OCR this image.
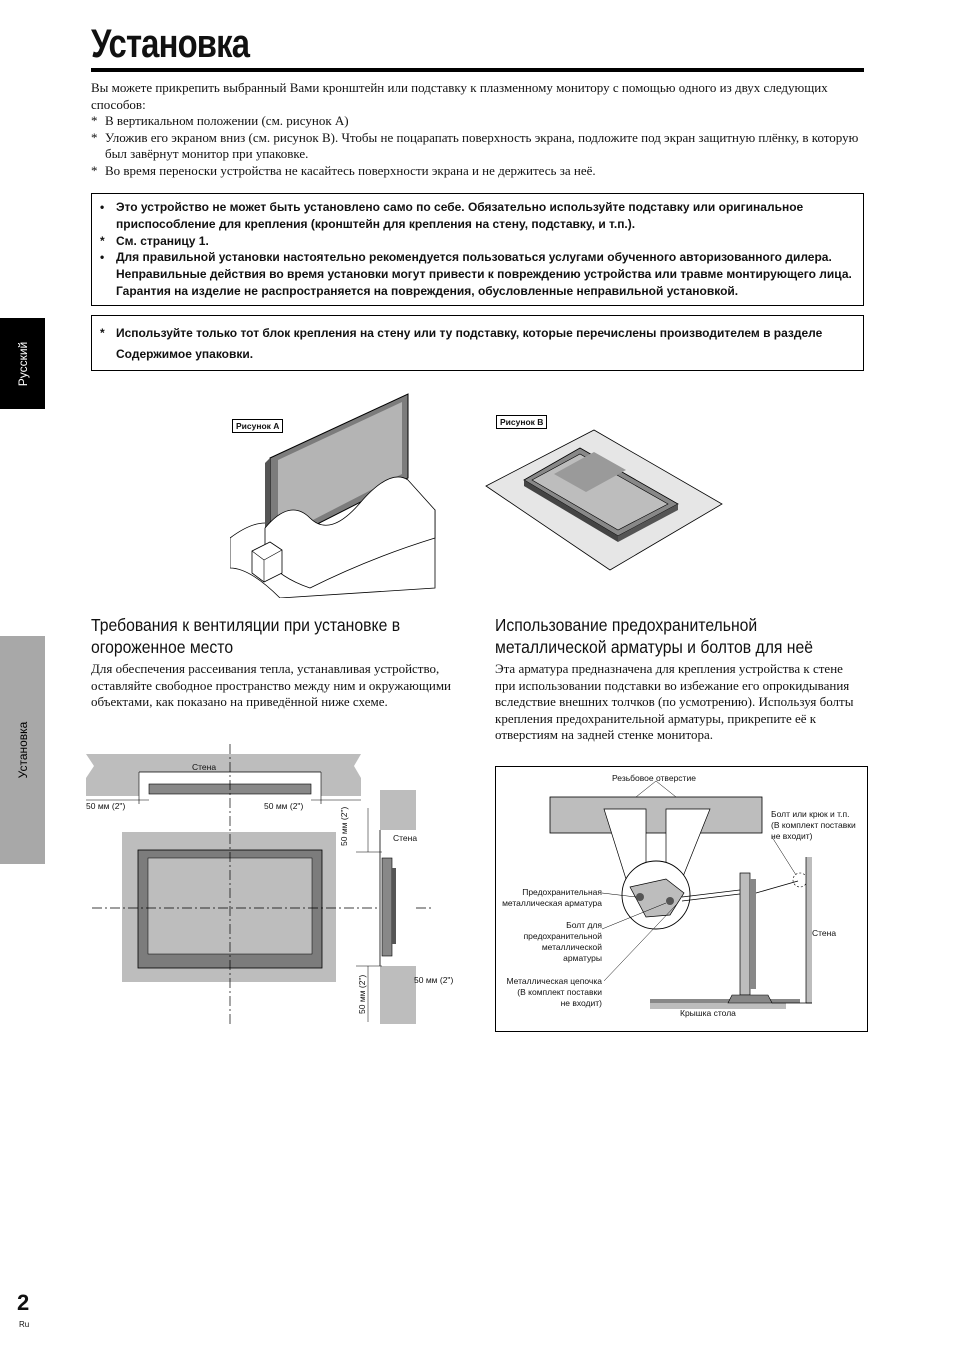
Установка
Вы можете прикрепить выбранный Вами кронштейн или подставку к плазменному монитору с помощью одного из двух следующих способов:
* В вертикальном положении (см. рисунок A)
* Уложив его экраном вниз (см. рисунок B). Чтобы не поцарапать поверхность экрана, подложите под экран защитную плёнку, в которую был завёрнут монитор при упаковке.
* Во время переноски устройства не касайтесь поверхности экрана и не держитесь за неё.
• Это устройство не может быть установлено само по себе. Обязательно используйте подставку или оригинальное приспособление для крепления (кронштейн для крепления на стену, подставку, и т.п.).
* См. страницу 1.
• Для правильной установки настоятельно рекомендуется пользоваться услугами обученного авторизованного дилера. Неправильные действия во время установки могут привести к повреждению устройства или травме монтирующего лица. Гарантия на изделие не распространяется на повреждения, обусловленные неправильной установкой.
* Используйте только тот блок крепления на стену или ту подставку, которые перечислены производителем в разделе Содержимое упаковки.
Русский
Установка
Рисунок A	Рисунок B
Требования к вентиляции при установке в огороженное место
Для обеспечения рассеивания тепла, устанавливая устройство, оставляйте свободное пространство между ним и окружающими объектами, как показано на приведённой ниже схеме.
Стена
50 мм (2")	50 мм (2")
Стена
50 мм (2")
50 мм (2")
50 мм (2")
Использование предохранительной металлической арматуры и болтов для неё
Эта арматура предназначена для крепления устройства к стене при использовании подставки во избежание его опрокидывания вследствие внешних толчков (по усмотрению). Используя болты крепления предохранительной арматуры, прикрепите её к отверстиям на задней стенке монитора.
Резьбовое отверстие
Болт или крюк и т.п.
(В комплект поставки
не входит)
Предохранительная
металлическая арматура
Болт для
предохранительной
металлической
арматуры
Металлическая цепочка
(В комплект поставки
не входит)
Стена
Крышка стола
2
Ru
